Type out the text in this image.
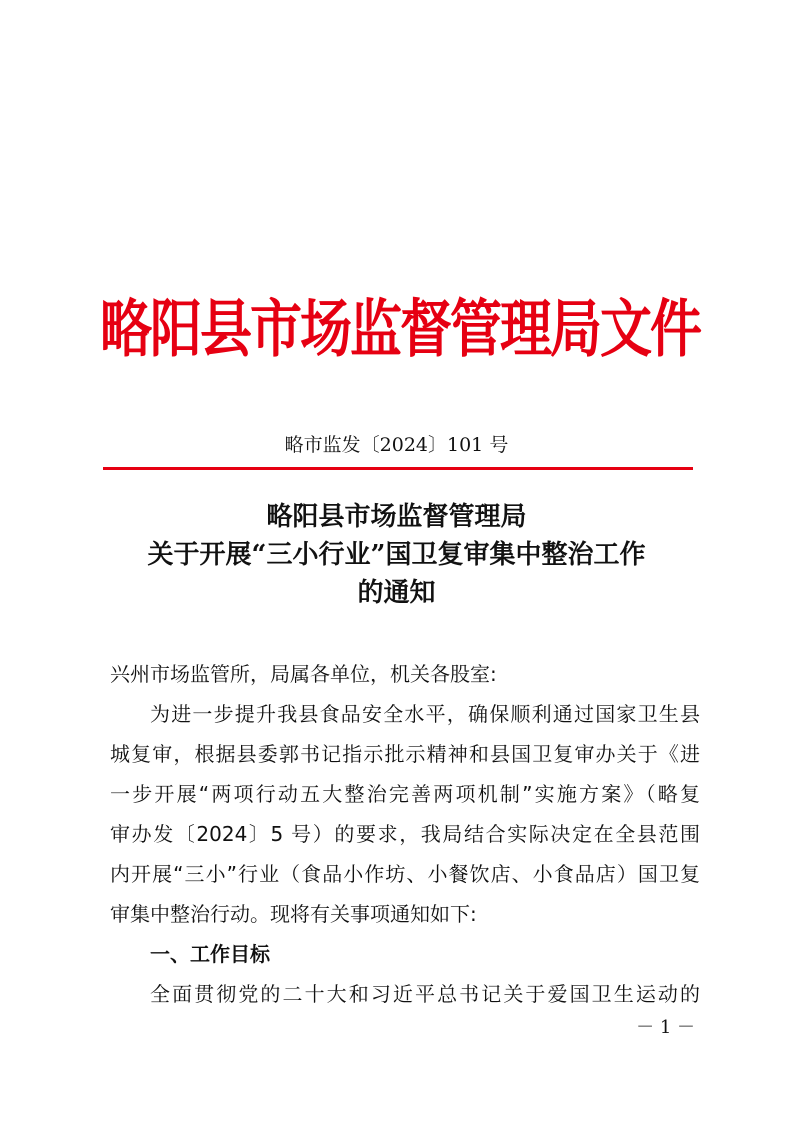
略阳县市场监督管理局文件
略市监发〔2024〕101 号
略阳县市场监督管理局
关于开展“三小行业”国卫复审集中整治工作
的通知
兴州市场监管所，局属各单位，机关各股室:
为进一步提升我县食品安全水平，确保顺利通过国家卫生县
城复审，根据县委郭书记指示批示精神和县国卫复审办关于《进
一步开展“两项行动五大整治完善两项机制”实施方案》（略复
审办发〔2024〕5 号）的要求，我局结合实际决定在全县范围
内开展“三小”行业（食品小作坊、小餐饮店、小食品店）国卫复
审集中整治行动。现将有关事项通知如下:
一、工作目标
全面贯彻党的二十大和习近平总书记关于爱国卫生运动的
－ 1 －
